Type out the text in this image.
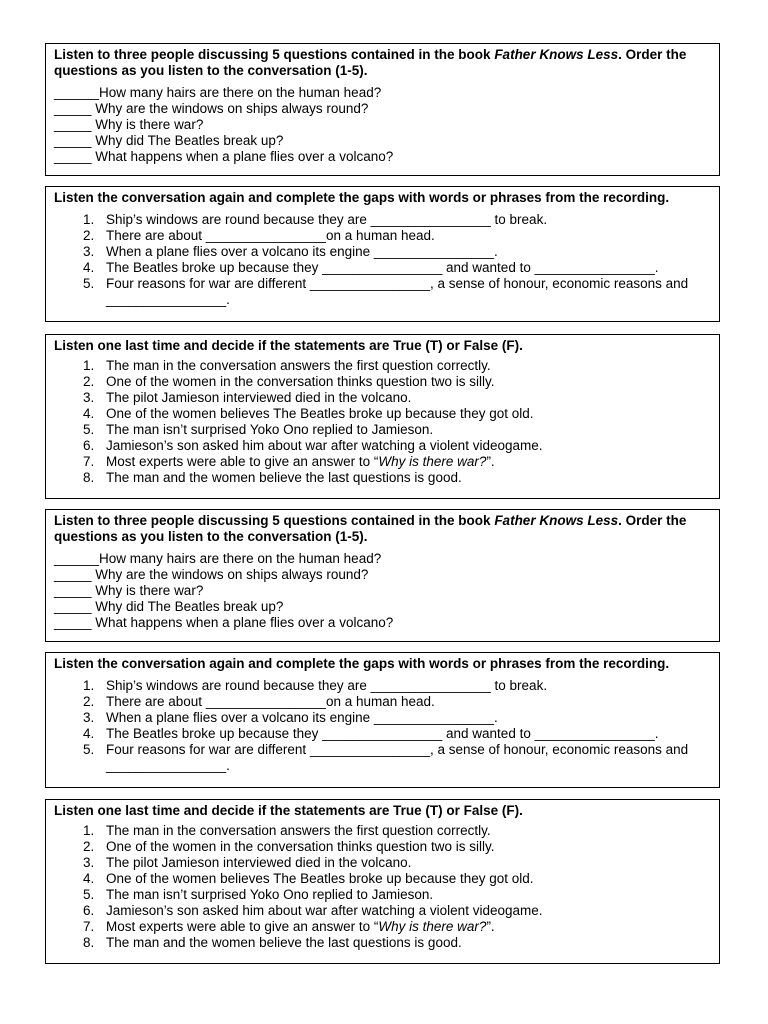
Listen to three people discussing 5 questions contained in the book Father Knows Less. Order the questions as you listen to the conversation (1-5).

______How many hairs are there on the human head?

_____ Why are the windows on ships always round?

_____ Why is there war?

_____ Why did The Beatles break up?

_____ What happens when a plane flies over a volcano?

Listen the conversation again and complete the gaps with words or phrases from the recording.

1. Ship’s windows are round because they are ________________ to break.
2. There are about ________________on a human head.
3. When a plane flies over a volcano its engine ________________.
4. The Beatles broke up because they ________________ and wanted to ________________.
5. Four reasons for war are different ________________, a sense of honour, economic reasons and ________________.

Listen one last time and decide if the statements are True (T) or False (F).

1. The man in the conversation answers the first question correctly.
2. One of the women in the conversation thinks question two is silly.
3. The pilot Jamieson interviewed died in the volcano.
4. One of the women believes The Beatles broke up because they got old.
5. The man isn’t surprised Yoko Ono replied to Jamieson.
6. Jamieson’s son asked him about war after watching a violent videogame.
7. Most experts were able to give an answer to “Why is there war?”.
8. The man and the women believe the last questions is good.

Listen to three people discussing 5 questions contained in the book Father Knows Less. Order the questions as you listen to the conversation (1-5).

______How many hairs are there on the human head?

_____ Why are the windows on ships always round?

_____ Why is there war?

_____ Why did The Beatles break up?

_____ What happens when a plane flies over a volcano?

Listen the conversation again and complete the gaps with words or phrases from the recording.

1. Ship’s windows are round because they are ________________ to break.
2. There are about ________________on a human head.
3. When a plane flies over a volcano its engine ________________.
4. The Beatles broke up because they ________________ and wanted to ________________.
5. Four reasons for war are different ________________, a sense of honour, economic reasons and ________________.

Listen one last time and decide if the statements are True (T) or False (F).

1. The man in the conversation answers the first question correctly.
2. One of the women in the conversation thinks question two is silly.
3. The pilot Jamieson interviewed died in the volcano.
4. One of the women believes The Beatles broke up because they got old.
5. The man isn’t surprised Yoko Ono replied to Jamieson.
6. Jamieson’s son asked him about war after watching a violent videogame.
7. Most experts were able to give an answer to “Why is there war?”.
8. The man and the women believe the last questions is good.
